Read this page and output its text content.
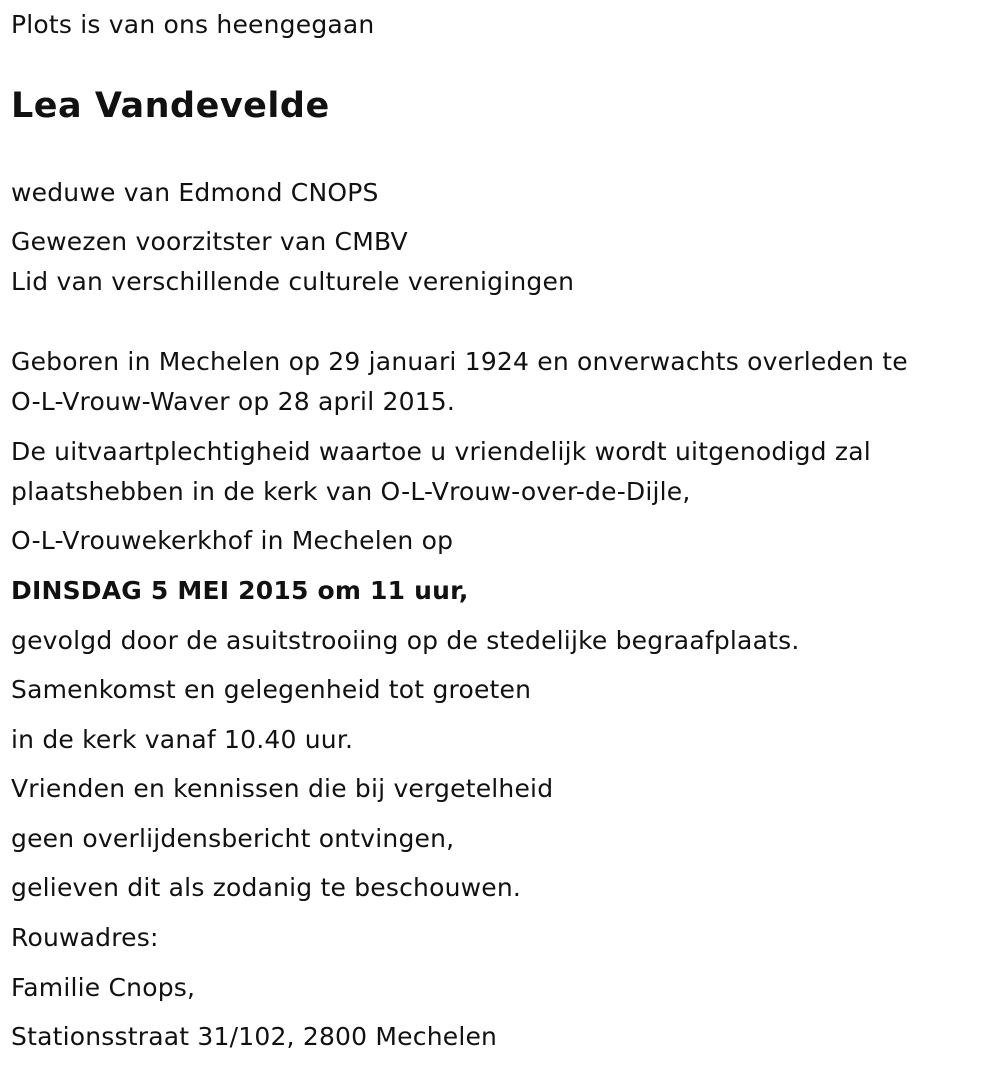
Plots is van ons heengegaan
Lea Vandevelde
weduwe van Edmond CNOPS
Gewezen voorzitster van CMBV
Lid van verschillende culturele verenigingen
Geboren in Mechelen op 29 januari 1924 en onverwachts overleden te
O-L-Vrouw-Waver op 28 april 2015.
De uitvaartplechtigheid waartoe u vriendelijk wordt uitgenodigd zal
plaatshebben in de kerk van O-L-Vrouw-over-de-Dijle,
O-L-Vrouwekerkhof in Mechelen op
DINSDAG 5 MEI 2015 om 11 uur,
gevolgd door de asuitstrooiing op de stedelijke begraafplaats.
Samenkomst en gelegenheid tot groeten
in de kerk vanaf 10.40 uur.
Vrienden en kennissen die bij vergetelheid
geen overlijdensbericht ontvingen,
gelieven dit als zodanig te beschouwen.
Rouwadres:
Familie Cnops,
Stationsstraat 31/102, 2800 Mechelen
